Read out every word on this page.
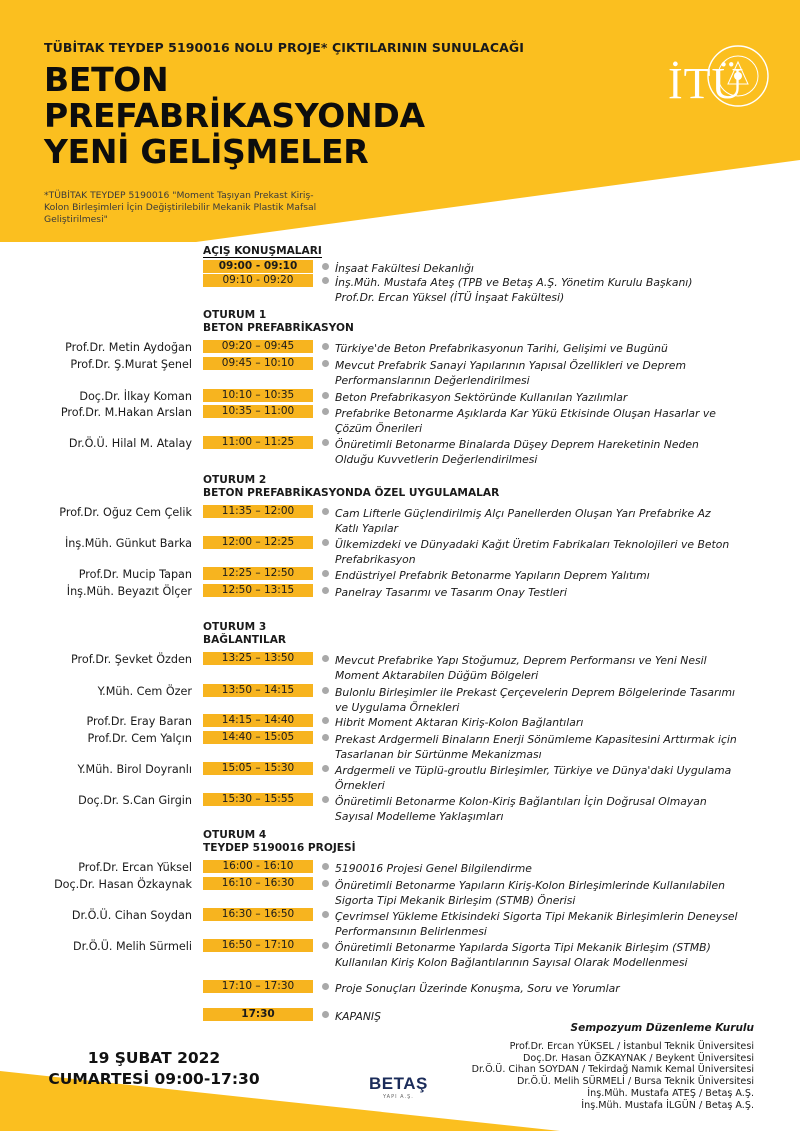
TÜBİTAK TEYDEP 5190016 NOLU PROJE* ÇIKTILARININ SUNULACAĞI
BETON
PREFABRİKASYONDA
YENİ GELİŞMELER
*TÜBİTAK TEYDEP 5190016 "Moment Taşıyan Prekast Kiriş-Kolon Birleşimleri İçin Değiştirilebilir Mekanik Plastik Mafsal Geliştirilmesi"
İTÜ
AÇIŞ KONUŞMALARI
09:00 - 09:10	İnşaat Fakültesi Dekanlığı
09:10 - 09:20	İnş.Müh. Mustafa Ateş (TPB ve Betaş A.Ş. Yönetim Kurulu Başkanı)
Prof.Dr. Ercan Yüksel (İTÜ İnşaat Fakültesi)
OTURUM 1
BETON PREFABRİKASYON
Prof.Dr. Metin Aydoğan	09:20 – 09:45	Türkiye'de Beton Prefabrikasyonun Tarihi, Gelişimi ve Bugünü
Prof.Dr. Ş.Murat Şenel	09:45 – 10:10	Mevcut Prefabrik Sanayi Yapılarının Yapısal Özellikleri ve Deprem
Performanslarının Değerlendirilmesi
Doç.Dr. İlkay Koman	10:10 – 10:35	Beton Prefabrikasyon Sektöründe Kullanılan Yazılımlar
Prof.Dr. M.Hakan Arslan	10:35 – 11:00	Prefabrike Betonarme Aşıklarda Kar Yükü Etkisinde Oluşan Hasarlar ve
Çözüm Önerileri
Dr.Ö.Ü. Hilal M. Atalay	11:00 – 11:25	Önüretimli Betonarme Binalarda Düşey Deprem Hareketinin Neden
Olduğu Kuvvetlerin Değerlendirilmesi
OTURUM 2
BETON PREFABRİKASYONDA ÖZEL UYGULAMALAR
Prof.Dr. Oğuz Cem Çelik	11:35 – 12:00	Cam Lifterle Güçlendirilmiş Alçı Panellerden Oluşan Yarı Prefabrike Az
Katlı Yapılar
İnş.Müh. Günkut Barka	12:00 – 12:25	Ülkemizdeki ve Dünyadaki Kağıt Üretim Fabrikaları Teknolojileri ve Beton
Prefabrikasyon
Prof.Dr. Mucip Tapan	12:25 – 12:50	Endüstriyel Prefabrik Betonarme Yapıların Deprem Yalıtımı
İnş.Müh. Beyazıt Ölçer	12:50 – 13:15	Panelray Tasarımı ve Tasarım Onay Testleri
OTURUM 3
BAĞLANTILAR
Prof.Dr. Şevket Özden	13:25 – 13:50	Mevcut Prefabrike Yapı Stoğumuz, Deprem Performansı ve Yeni Nesil
Moment Aktarabilen Düğüm Bölgeleri
Y.Müh. Cem Özer	13:50 – 14:15	Bulonlu Birleşimler ile Prekast Çerçevelerin Deprem Bölgelerinde Tasarımı
ve Uygulama Örnekleri
Prof.Dr. Eray Baran	14:15 – 14:40	Hibrit Moment Aktaran Kiriş-Kolon Bağlantıları
Prof.Dr. Cem Yalçın	14:40 – 15:05	Prekast Ardgermeli Binaların Enerji Sönümleme Kapasitesini Arttırmak için
Tasarlanan bir Sürtünme Mekanizması
Y.Müh. Birol Doyranlı	15:05 – 15:30	Ardgermeli ve Tüplü-groutlu Birleşimler, Türkiye ve Dünya'daki Uygulama
Örnekleri
Doç.Dr. S.Can Girgin	15:30 – 15:55	Önüretimli Betonarme Kolon-Kiriş Bağlantıları İçin Doğrusal Olmayan
Sayısal Modelleme Yaklaşımları
OTURUM 4
TEYDEP 5190016 PROJESİ
Prof.Dr. Ercan Yüksel	16:00 - 16:10	5190016 Projesi Genel Bilgilendirme
Doç.Dr. Hasan Özkaynak	16:10 – 16:30	Önüretimli Betonarme Yapıların Kiriş-Kolon Birleşimlerinde Kullanılabilen
Sigorta Tipi Mekanik Birleşim (STMB) Önerisi
Dr.Ö.Ü. Cihan Soydan	16:30 – 16:50	Çevrimsel Yükleme Etkisindeki Sigorta Tipi Mekanik Birleşimlerin Deneysel
Performansının Belirlenmesi
Dr.Ö.Ü. Melih Sürmeli	16:50 – 17:10	Önüretimli Betonarme Yapılarda Sigorta Tipi Mekanik Birleşim (STMB)
Kullanılan Kiriş Kolon Bağlantılarının Sayısal Olarak Modellenmesi
17:10 – 17:30	Proje Sonuçları Üzerinde Konuşma, Soru ve Yorumlar
17:30	KAPANIŞ
19 ŞUBAT 2022
CUMARTESİ 09:00-17:30	BETAŞ
YAPI A.Ş.
Sempozyum Düzenleme Kurulu
Prof.Dr. Ercan YÜKSEL / İstanbul Teknik Üniversitesi
Doç.Dr. Hasan ÖZKAYNAK / Beykent Üniversitesi
Dr.Ö.Ü. Cihan SOYDAN / Tekirdağ Namık Kemal Üniversitesi
Dr.Ö.Ü. Melih SÜRMELİ / Bursa Teknik Üniversitesi
İnş.Müh. Mustafa ATEŞ / Betaş A.Ş.
İnş.Müh. Mustafa İLGÜN / Betaş A.Ş.
